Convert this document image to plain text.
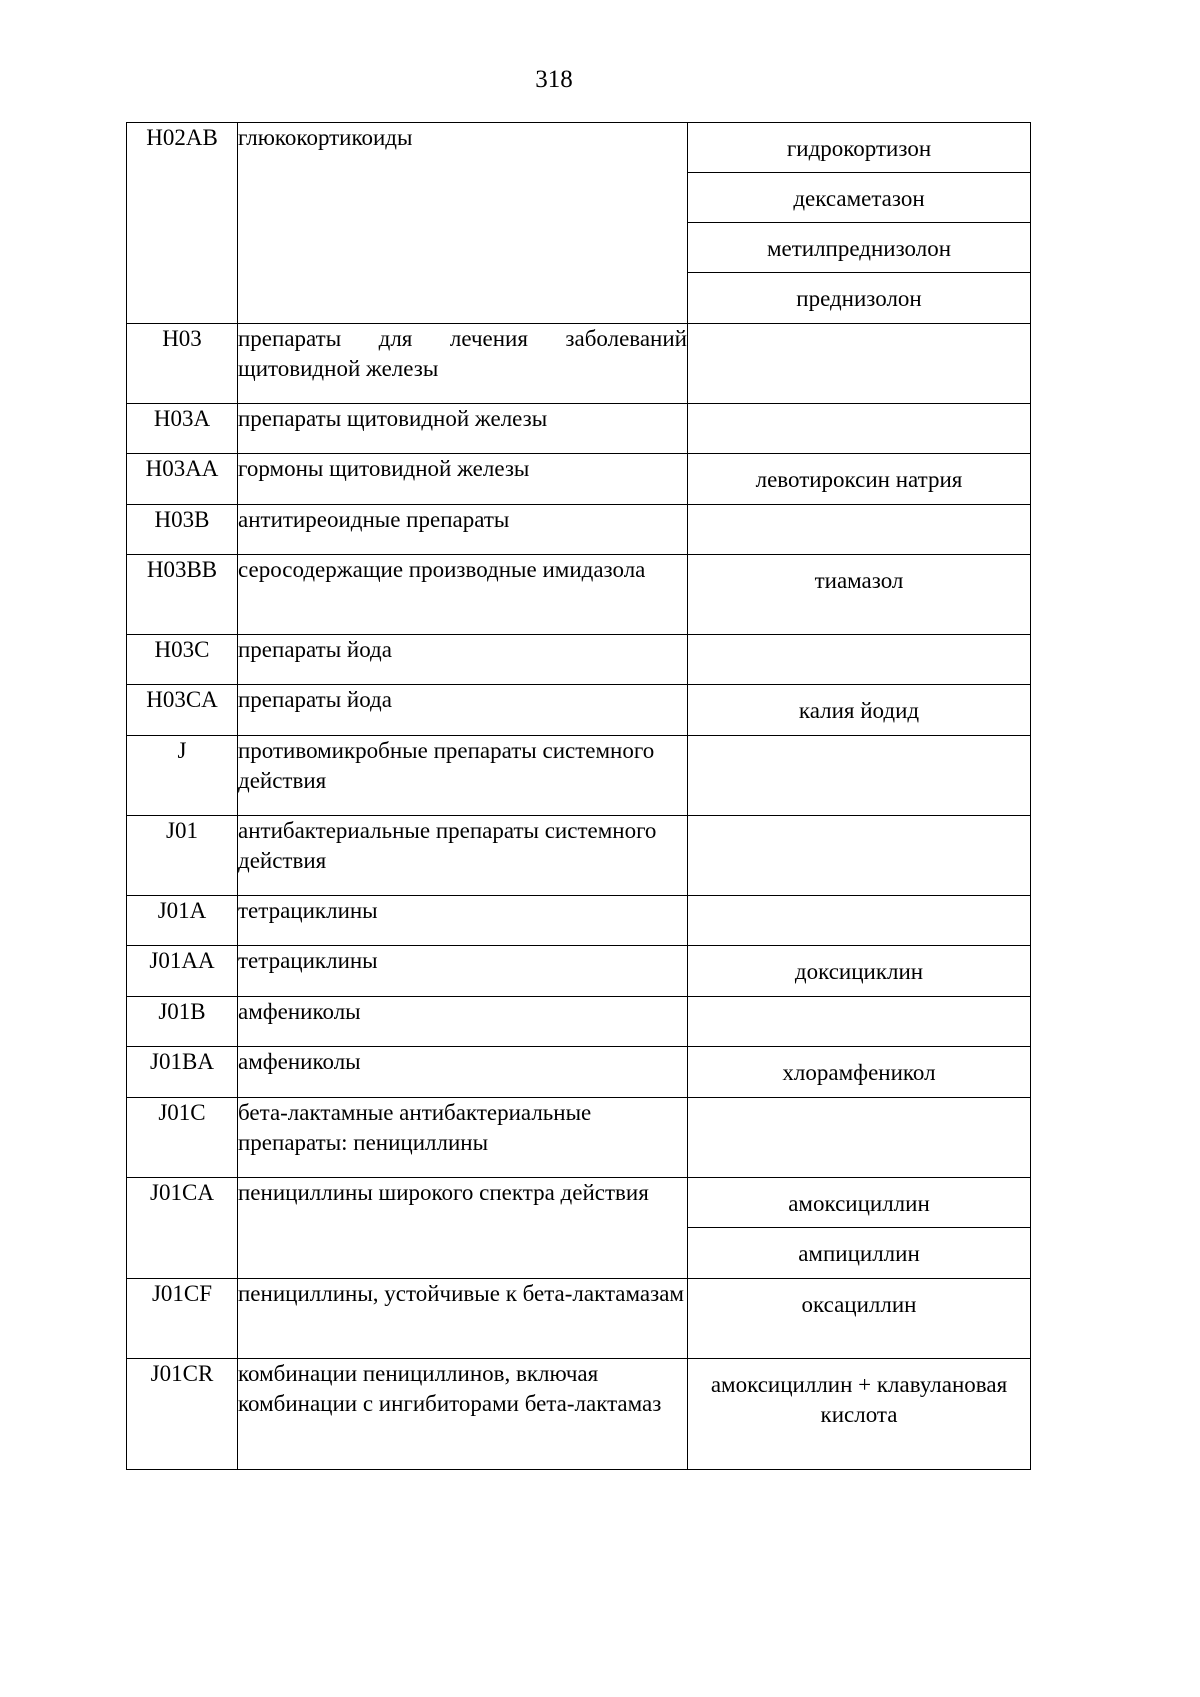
318
H02AB	глюкокортикоиды	гидрокортизон
дексаметазон
метилпреднизолон
преднизолон

H03	препараты для лечения заболеваний щитовидной железы	
H03A	препараты щитовидной железы	
H03AA	гормоны щитовидной железы	левотироксин натрия

H03B	антитиреоидные препараты	
H03BB	серосодержащие производные имидазола	тиамазол

H03C	препараты йода	
H03CA	препараты йода	калия йодид

J	противомикробные препараты системного действия	
J01	антибактериальные препараты системного действия	
J01A	тетрациклины	
J01AA	тетрациклины	доксициклин

J01B	амфениколы	
J01BA	амфениколы	хлорамфеникол

J01C	бета-лактамные антибактериальные препараты: пенициллины	
J01CA	пенициллины широкого спектра действия	амоксициллин
ампициллин

J01CF	пенициллины, устойчивые к бета-лактамазам	оксациллин

J01CR	комбинации пенициллинов, включая комбинации с ингибиторами бета-лактамаз	амоксициллин + клавулановая кислота
